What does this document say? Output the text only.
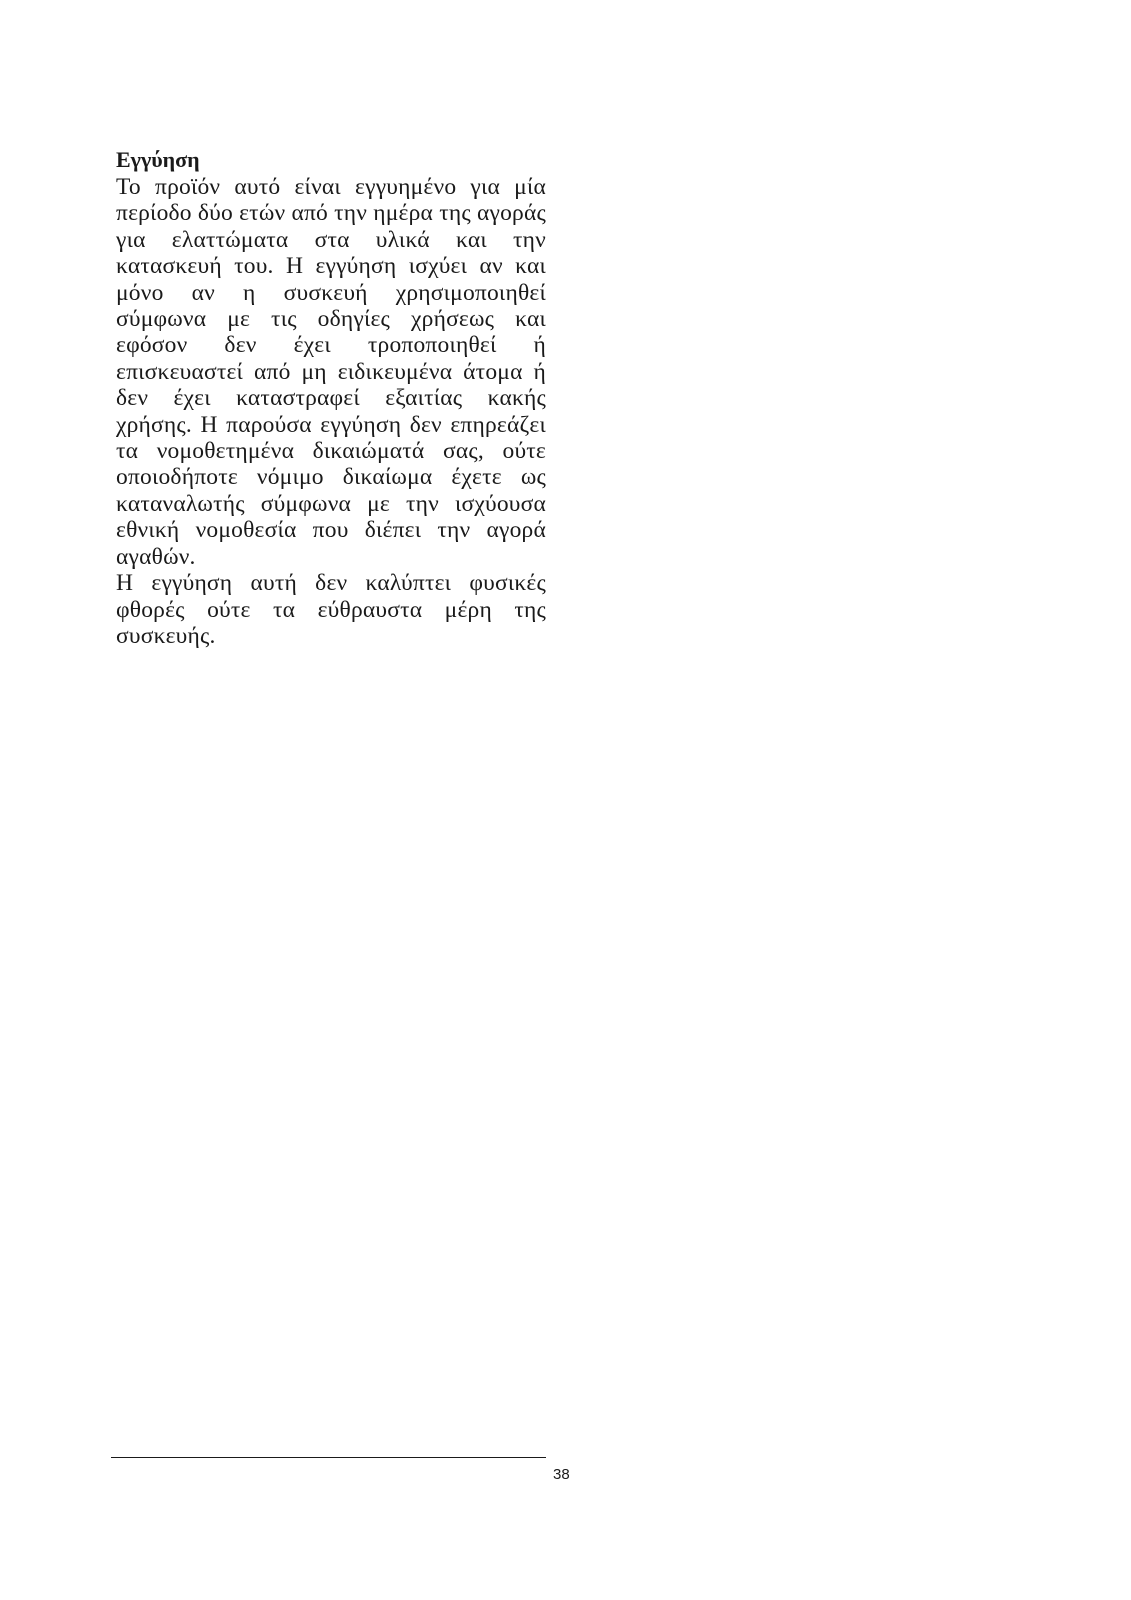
Εγγύηση

Το προϊόν αυτό είναι εγγυημένο για μία περίοδο δύο ετών από την ημέρα της αγοράς για ελαττώματα στα υλικά και την κατασκευή του. Η εγγύηση ισχύει αν και μόνο αν η συσκευή χρησιμοποιηθεί σύμφωνα με τις οδηγίες χρήσεως και εφόσον δεν έχει τροποποιηθεί ή επισκευαστεί από μη ειδικευμένα άτομα ή δεν έχει καταστραφεί εξαιτίας κακής χρήσης. Η παρούσα εγγύηση δεν επηρεάζει τα νομοθετημένα δικαιώματά σας, ούτε οποιοδήποτε νόμιμο δικαίωμα έχετε ως καταναλωτής σύμφωνα με την ισχύουσα εθνική νομοθεσία που διέπει την αγορά αγαθών.

Η εγγύηση αυτή δεν καλύπτει φυσικές φθορές ούτε τα εύθραυστα μέρη της συσκευής.

38
